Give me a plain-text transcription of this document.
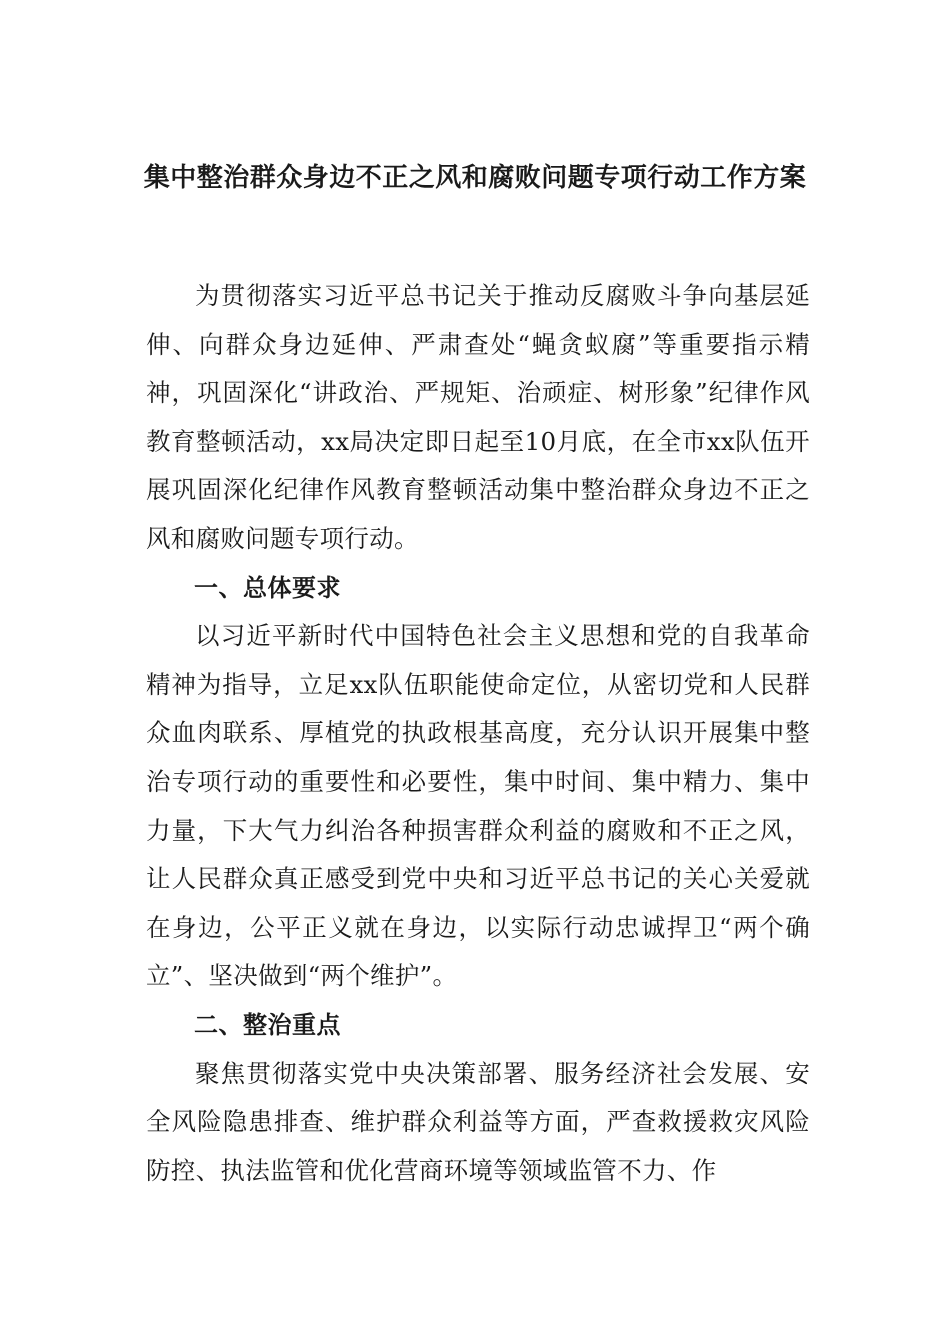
集中整治群众身边不正之风和腐败问题专项行动工作方案

为贯彻落实习近平总书记关于推动反腐败斗争向基层延伸、向群众身边延伸、严肃查处“蝇贪蚁腐”等重要指示精神，巩固深化“讲政治、严规矩、治顽症、树形象”纪律作风教育整顿活动，xx局决定即日起至10月底，在全市xx队伍开展巩固深化纪律作风教育整顿活动集中整治群众身边不正之风和腐败问题专项行动。

一、总体要求

以习近平新时代中国特色社会主义思想和党的自我革命精神为指导，立足xx队伍职能使命定位，从密切党和人民群众血肉联系、厚植党的执政根基高度，充分认识开展集中整治专项行动的重要性和必要性，集中时间、集中精力、集中力量，下大气力纠治各种损害群众利益的腐败和不正之风，让人民群众真正感受到党中央和习近平总书记的关心关爱就在身边，公平正义就在身边，以实际行动忠诚捍卫“两个确立”、坚决做到“两个维护”。

二、整治重点

聚焦贯彻落实党中央决策部署、服务经济社会发展、安全风险隐患排查、维护群众利益等方面，严查救援救灾风险防控、执法监管和优化营商环境等领域监管不力、作
